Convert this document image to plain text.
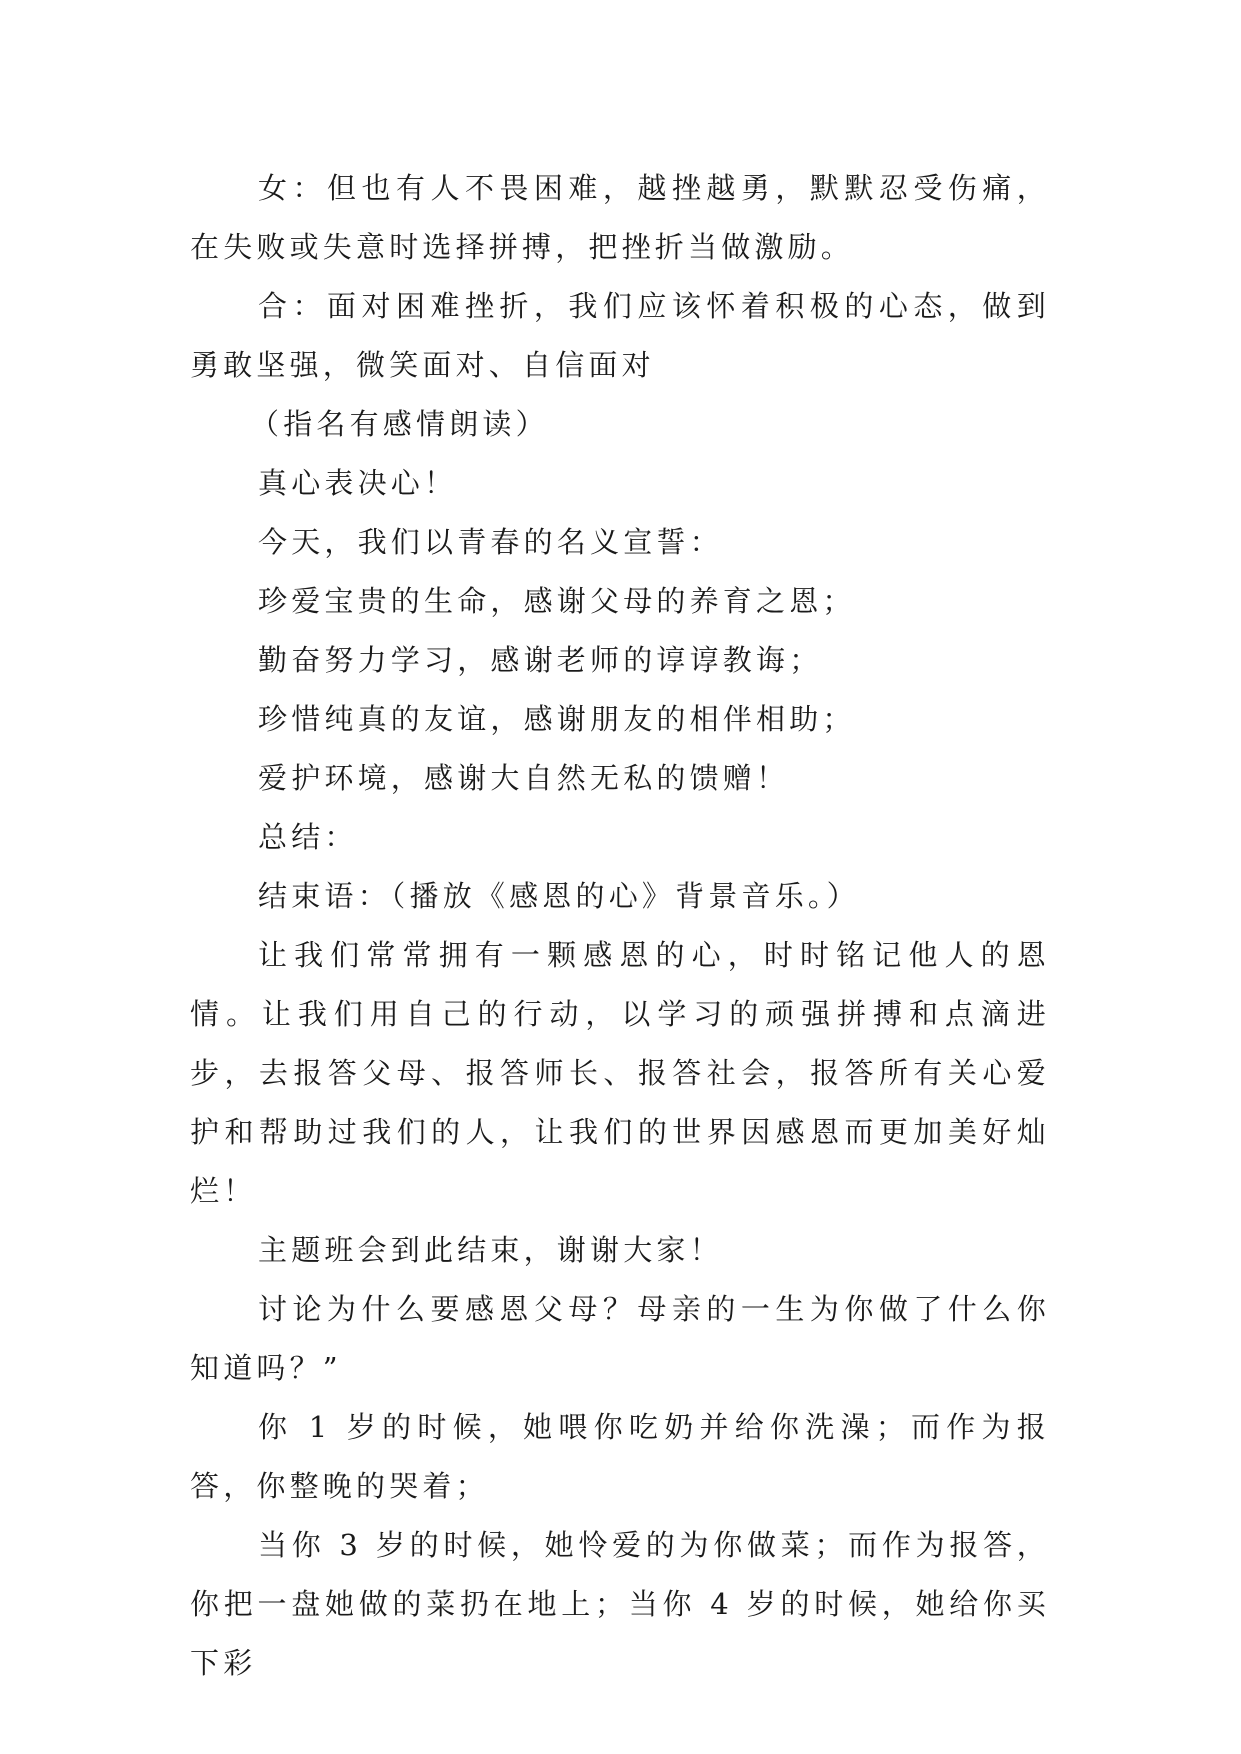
女：但也有人不畏困难，越挫越勇，默默忍受伤痛，在失败或失意时选择拼搏，把挫折当做激励。

合：面对困难挫折，我们应该怀着积极的心态，做到勇敢坚强，微笑面对、自信面对

（指名有感情朗读）

真心表决心！

今天，我们以青春的名义宣誓：

珍爱宝贵的生命，感谢父母的养育之恩；

勤奋努力学习，感谢老师的谆谆教诲；

珍惜纯真的友谊，感谢朋友的相伴相助；

爱护环境，感谢大自然无私的馈赠！

总结：

结束语：（播放《感恩的心》背景音乐。）

让我们常常拥有一颗感恩的心，时时铭记他人的恩情。让我们用自己的行动，以学习的顽强拼搏和点滴进步，去报答父母、报答师长、报答社会，报答所有关心爱护和帮助过我们的人，让我们的世界因感恩而更加美好灿烂！

主题班会到此结束，谢谢大家！

讨论为什么要感恩父母？母亲的一生为你做了什么你知道吗？”

你 1 岁的时候，她喂你吃奶并给你洗澡；而作为报答，你整晚的哭着；

当你 3 岁的时候，她怜爱的为你做菜；而作为报答，你把一盘她做的菜扔在地上；当你 4 岁的时候，她给你买下彩
